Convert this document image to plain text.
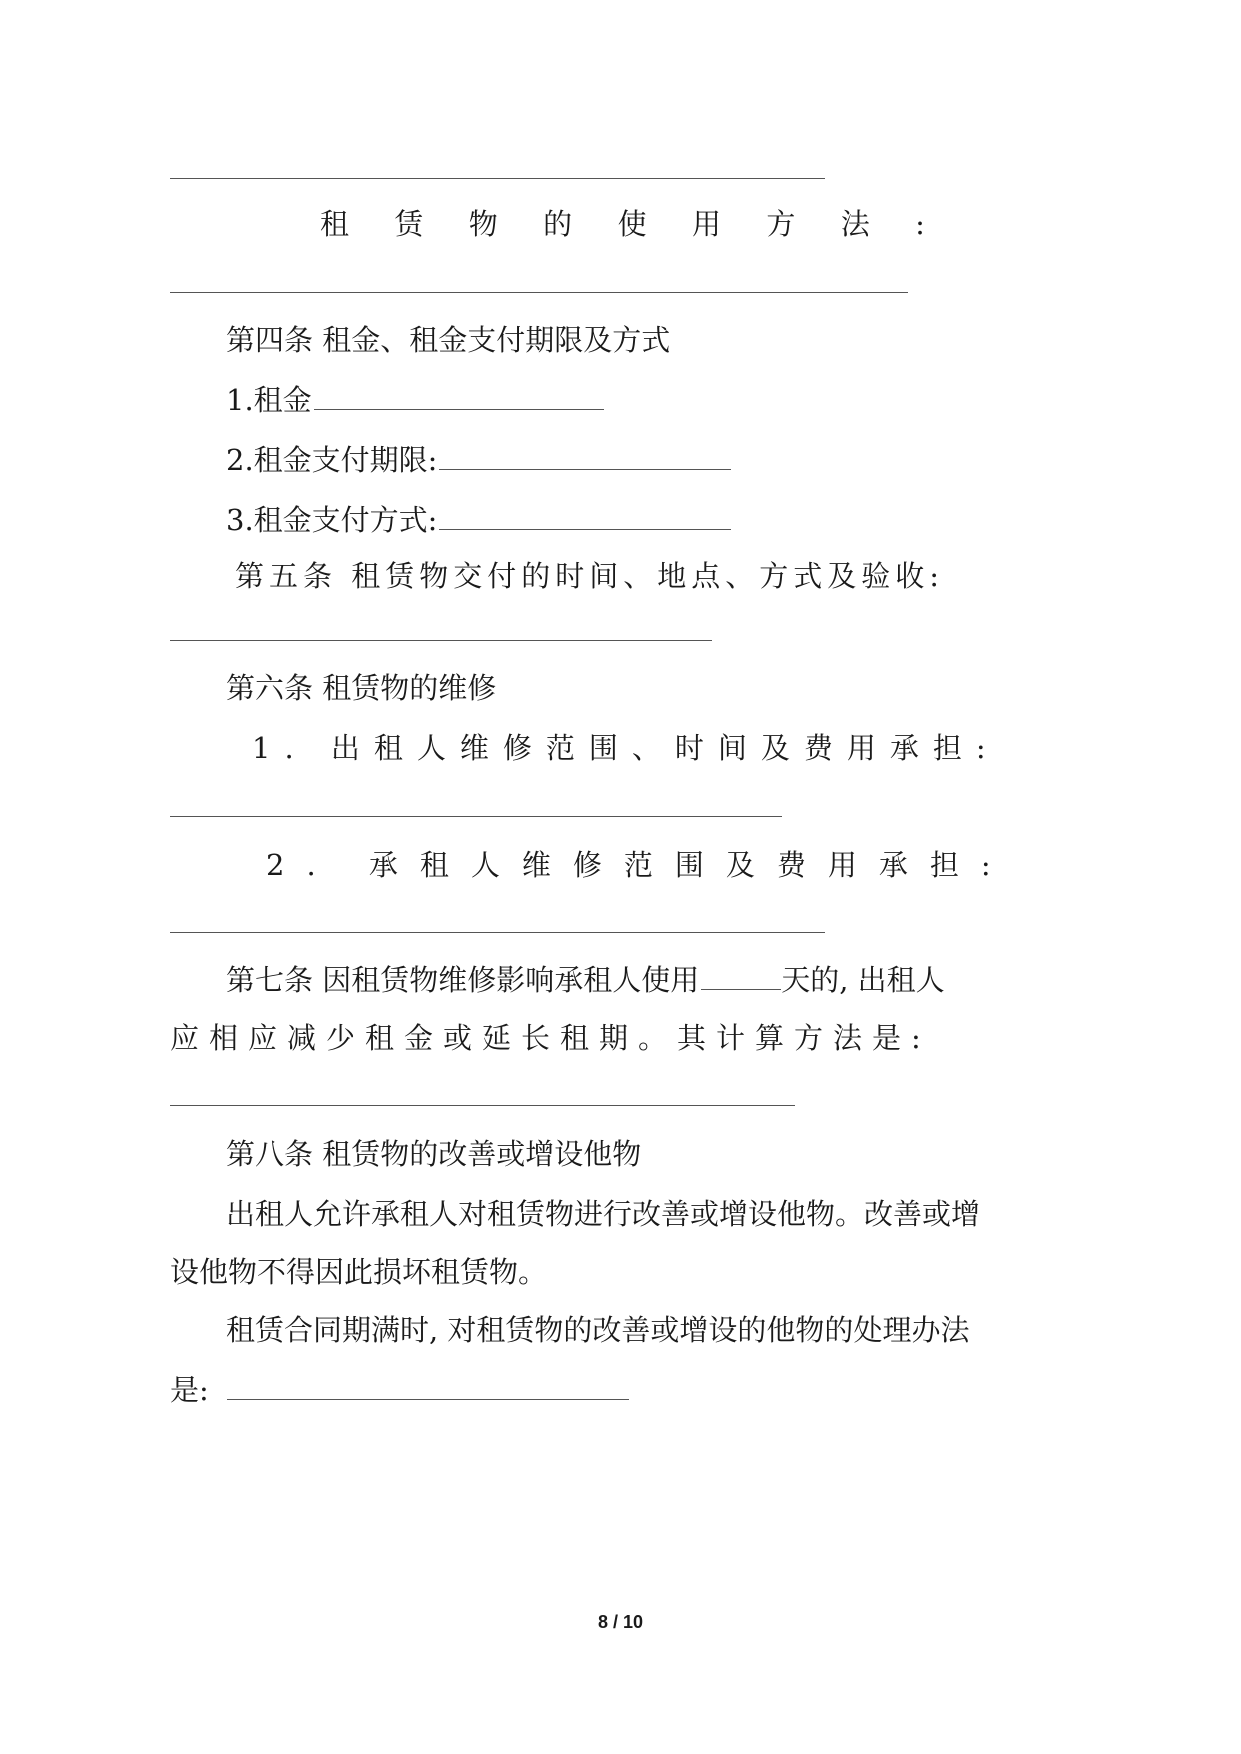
租 赁 物 的 使 用 方 法 :
第四条 租金、租金支付期限及方式
1.租金
2.租金支付期限:
3.租金支付方式:
第五条 租赁物交付的时间、地点、方式及验收:
第六条 租赁物的维修
1. 出租人维修范围、时间及费用承担:
2. 承租人维修范围及费用承担:
第七条 因租赁物维修影响承租人使用	天的, 出租人
应相应减少租金或延长租期。其计算方法是:
第八条 租赁物的改善或增设他物
出租人允许承租人对租赁物进行改善或增设他物。改善或增
设他物不得因此损坏租赁物。
租赁合同期满时, 对租赁物的改善或增设的他物的处理办法
是:
8 / 10
